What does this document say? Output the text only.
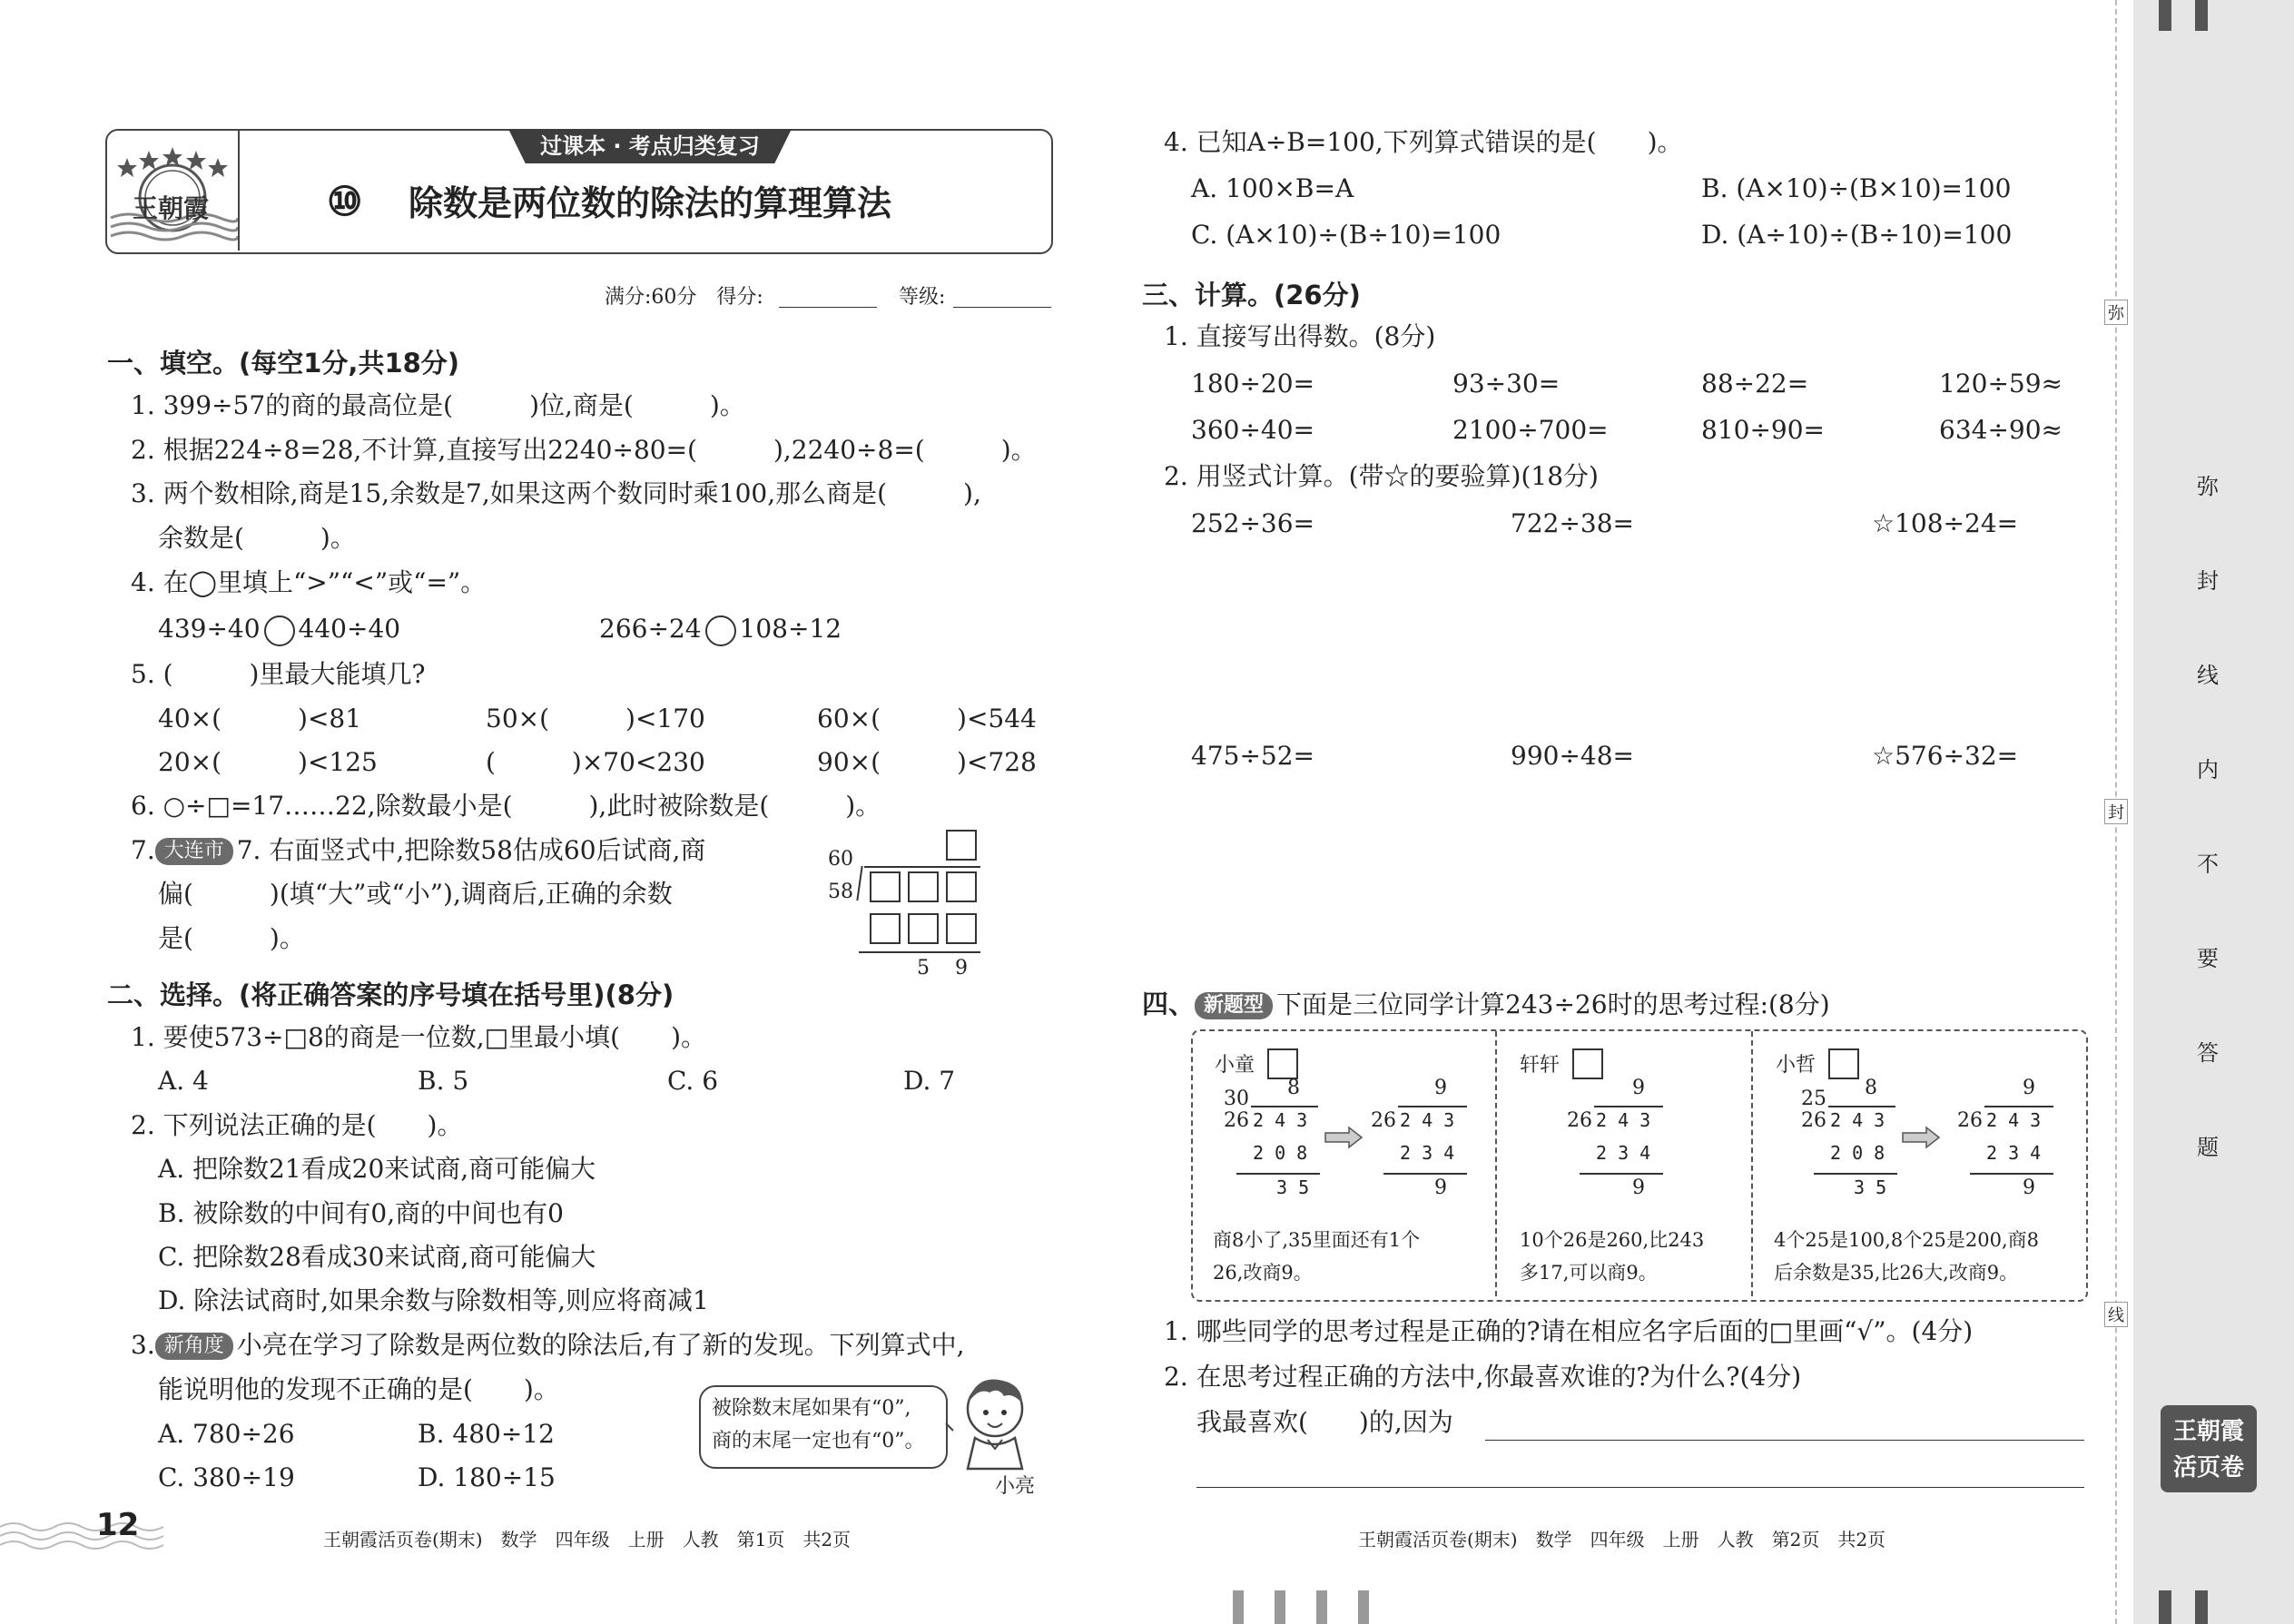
王朝霞
过课本 · 考点归类复习
⑩ 除数是两位数的除法的算理算法
满分:60分　得分:	等级:
一、填空。(每空1分,共18分)
1. 399÷57的商的最高位是(　　　)位,商是(　　　)。
2. 根据224÷8=28,不计算,直接写出2240÷80=(　　　),2240÷8=(　　　)。
3. 两个数相除,商是15,余数是7,如果这两个数同时乘100,那么商是(　　　),
余数是(　　　)。
4. 在◯里填上“>”“<”或“=”。
439÷40 440÷40	266÷24 108÷12
5. (　　　)里最大能填几?
40×(　　　)<81	50×(　　　)<170	60×(　　　)<544
20×(　　　)<125	(　　　)×70<230	90×(　　　)<728
6. ○÷□=17……22,除数最小是(　　　),此时被除数是(　　　)。
7. 大连市 7. 右面竖式中,把除数58估成60后试商,商
偏(　　　)(填“大”或“小”),调商后,正确的余数
是(　　　)。
60
58
5 9
二、选择。(将正确答案的序号填在括号里)(8分)
1. 要使573÷□8的商是一位数,□里最小填(　　)。
A. 4	B. 5	C. 6	D. 7
2. 下列说法正确的是(　　)。
A. 把除数21看成20来试商,商可能偏大
B. 被除数的中间有0,商的中间也有0
C. 把除数28看成30来试商,商可能偏大
D. 除法试商时,如果余数与除数相等,则应将商减1
3. 新角度 小亮在学习了除数是两位数的除法后,有了新的发现。下列算式中,
能说明他的发现不正确的是(　　)。
A. 780÷26	B. 480÷12
C. 380÷19	D. 180÷15
被除数末尾如果有“0”,
商的末尾一定也有“0”。
小亮
12	王朝霞活页卷(期末)　数学　四年级　上册　人教　第1页　共2页
4. 已知A÷B=100,下列算式错误的是(　　)。
A. 100×B=A	B. (A×10)÷(B×10)=100
C. (A×10)÷(B÷10)=100	D. (A÷10)÷(B÷10)=100
三、计算。(26分)
1. 直接写出得数。(8分)
180÷20=	93÷30=	88÷22=	120÷59≈
360÷40=	2100÷700=	810÷90=	634÷90≈
2. 用竖式计算。(带☆的要验算)(18分)
252÷36=	722÷38=	☆108÷24=
475÷52=	990÷48=	☆576÷32=
四、 新题型 下面是三位同学计算243÷26时的思考过程:(8分)
小童
30 8
26 2 4 3
2 0 8
3 5
9
26 2 4 3
2 3 4
9
商8小了,35里面还有1个
26,改商9。
轩轩
9
26 2 4 3
2 3 4
9
10个26是260,比243
多17,可以商9。
小哲
25 8
26 2 4 3
2 0 8
3 5
9
26 2 4 3
2 3 4
9
4个25是100,8个25是200,商8
后余数是35,比26大,改商9。
1. 哪些同学的思考过程是正确的?请在相应名字后面的□里画“√”。(4分)
2. 在思考过程正确的方法中,你最喜欢谁的?为什么?(4分)
我最喜欢(　　)的,因为
王朝霞活页卷(期末)　数学　四年级　上册　人教　第2页　共2页
弥
封
线
弥
封
线
内
不
要
答
题
王朝霞
活页卷
